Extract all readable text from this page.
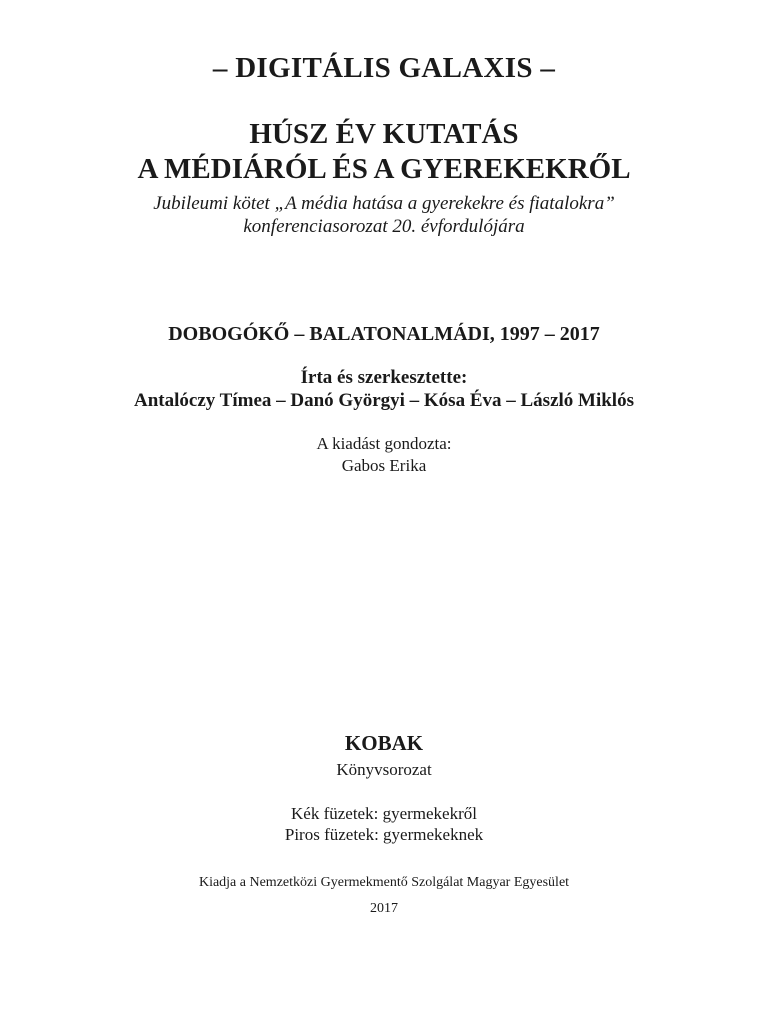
– DIGITÁLIS GALAXIS –
HÚSZ ÉV KUTATÁS
A MÉDIÁRÓL ÉS A GYEREKEKRŐL
Jubileumi kötet „A média hatása a gyerekekre és fiatalokra”
konferenciasorozat 20. évfordulójára
DOBOGÓKŐ – BALATONALMÁDI, 1997 – 2017
Írta és szerkesztette:
Antalóczy Tímea – Danó Györgyi – Kósa Éva – László Miklós
A kiadást gondozta:
Gabos Erika
KOBAK
Könyvsorozat
Kék füzetek: gyermekekről
Piros füzetek: gyermekeknek
Kiadja a Nemzetközi Gyermekmentő Szolgálat Magyar Egyesület
2017
